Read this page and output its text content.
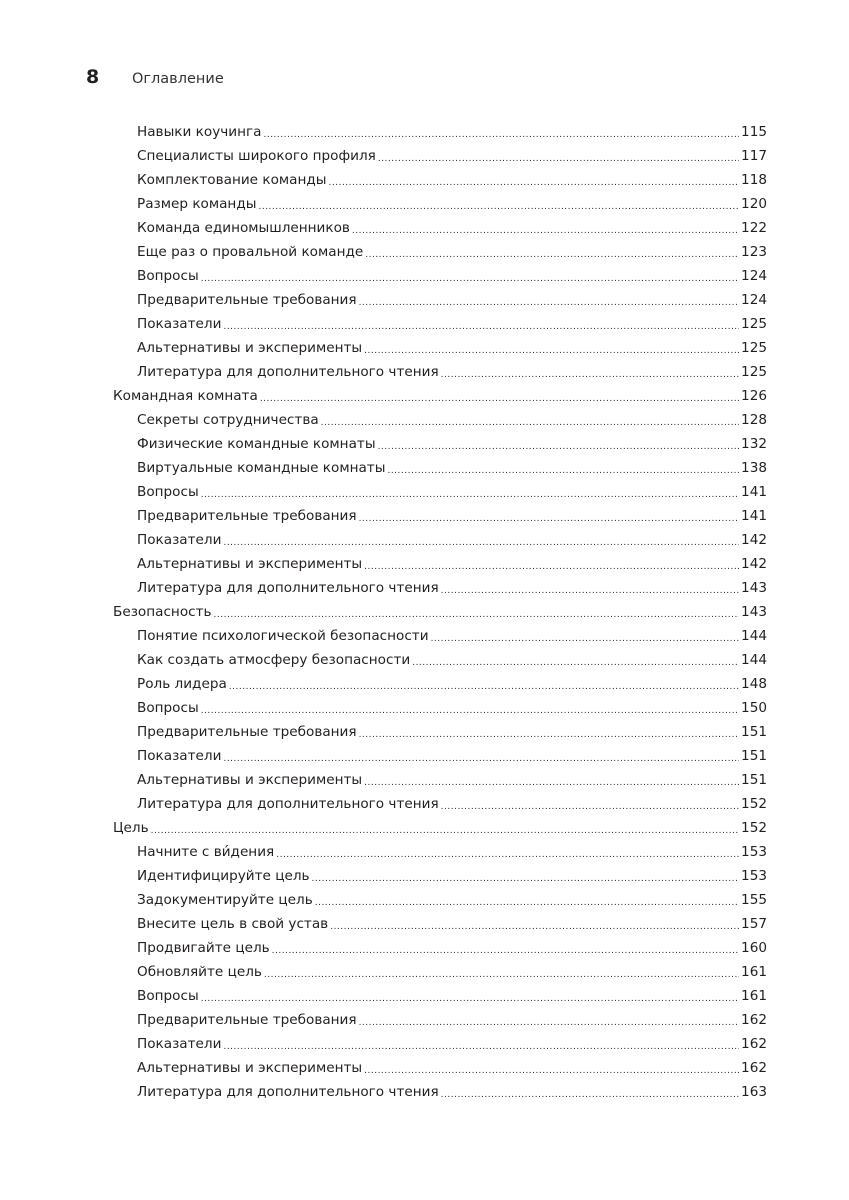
8	Оглавление
Навыки коучинга .....	115
Специалисты широкого профиля .....	117
Комплектование команды .....	118
Размер команды .....	120
Команда единомышленников .....	122
Еще раз о провальной команде .....	123
Вопросы .....	124
Предварительные требования .....	124
Показатели .....	125
Альтернативы и эксперименты .....	125
Литература для дополнительного чтения .....	125
Командная комната .....	126
Секреты сотрудничества .....	128
Физические командные комнаты .....	132
Виртуальные командные комнаты .....	138
Вопросы .....	141
Предварительные требования .....	141
Показатели .....	142
Альтернативы и эксперименты .....	142
Литература для дополнительного чтения .....	143
Безопасность .....	143
Понятие психологической безопасности .....	144
Как создать атмосферу безопасности .....	144
Роль лидера .....	148
Вопросы .....	150
Предварительные требования .....	151
Показатели .....	151
Альтернативы и эксперименты .....	151
Литература для дополнительного чтения .....	152
Цель .....	152
Начните с ви́дения .....	153
Идентифицируйте цель .....	153
Задокументируйте цель .....	155
Внесите цель в свой устав .....	157
Продвигайте цель .....	160
Обновляйте цель .....	161
Вопросы .....	161
Предварительные требования .....	162
Показатели .....	162
Альтернативы и эксперименты .....	162
Литература для дополнительного чтения .....	163
